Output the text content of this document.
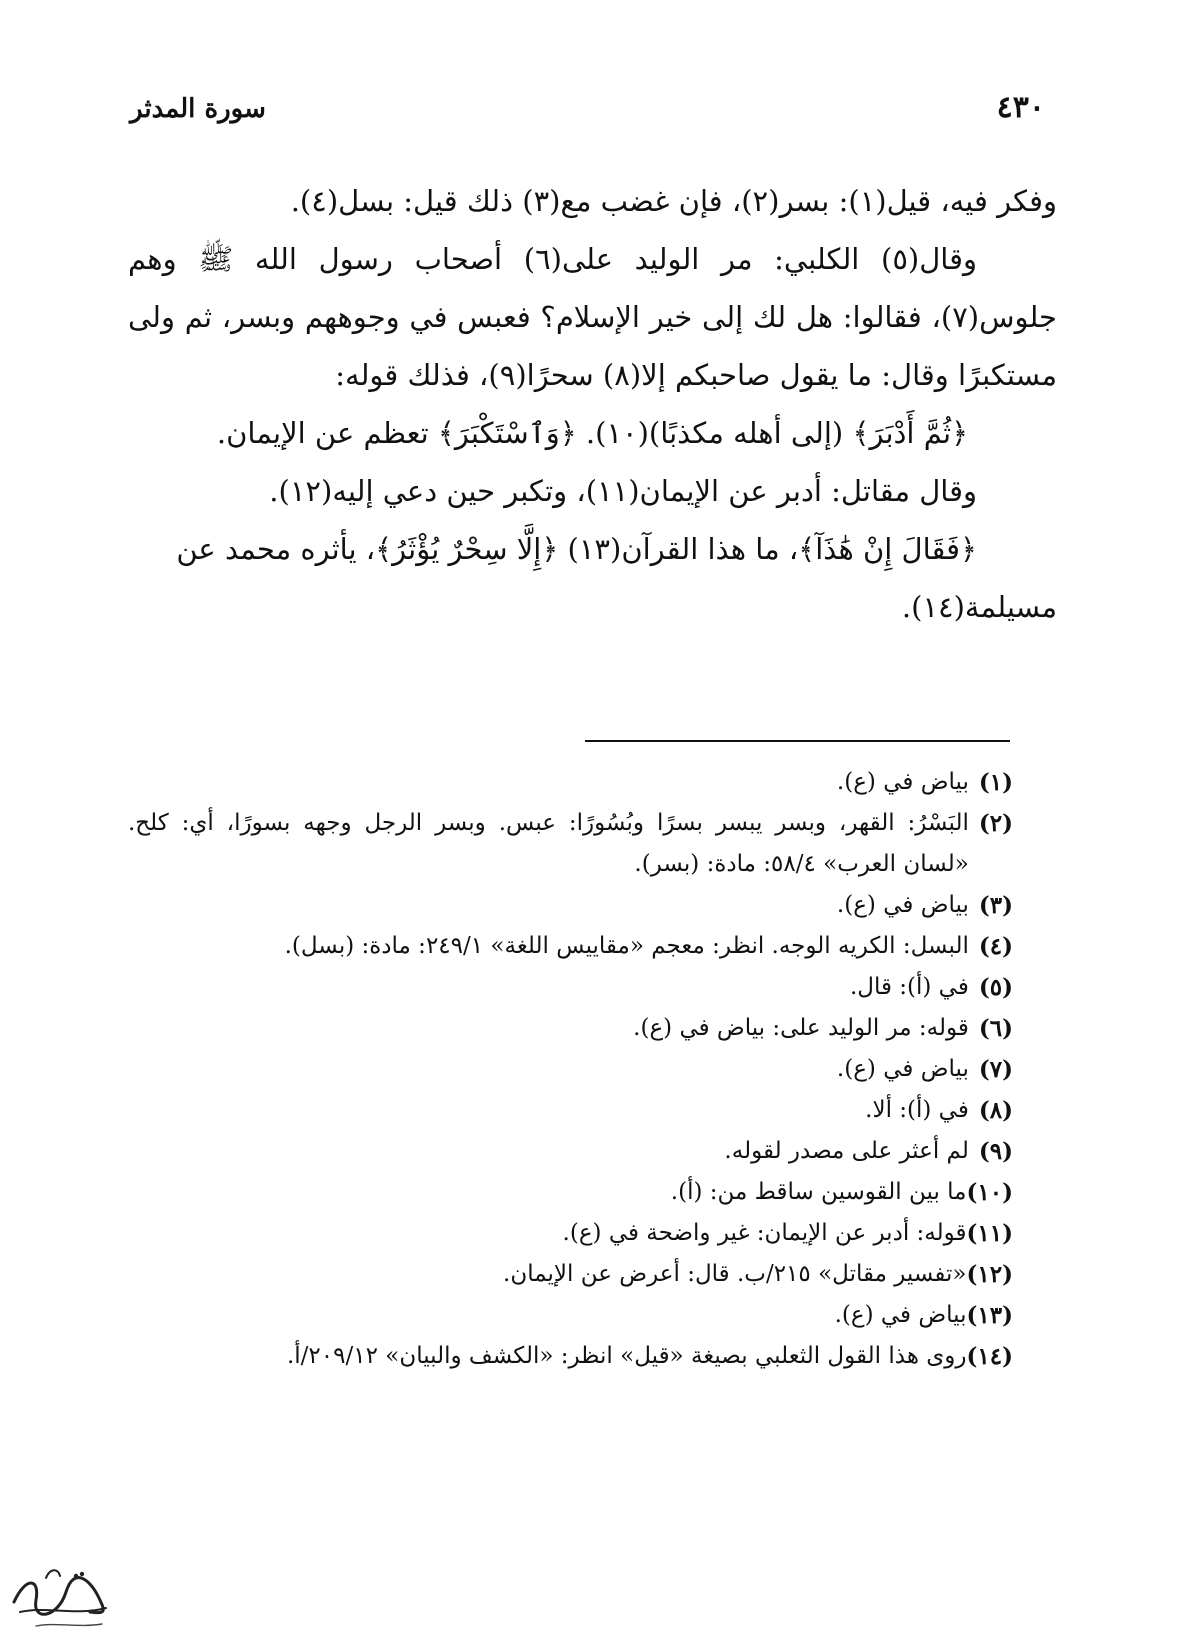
٤٣٠
سورة المدثر

وفكر فيه، قيل(١): بسر(٢)، فإن غضب مع(٣) ذلك قيل: بسل(٤).

وقال(٥) الكلبي: مر الوليد على(٦) أصحاب رسول الله ﷺ وهم جلوس(٧)، فقالوا: هل لك إلى خير الإسلام؟ فعبس في وجوههم وبسر، ثم ولى مستكبرًا وقال: ما يقول صاحبكم إلا(٨) سحرًا(٩)، فذلك قوله:

﴿ثُمَّ أَدْبَرَ﴾ (إلى أهله مكذبًا)(١٠). ﴿وَٱسْتَكْبَرَ﴾ تعظم عن الإيمان.

وقال مقاتل: أدبر عن الإيمان(١١)، وتكبر حين دعي إليه(١٢).

﴿فَقَالَ إِنْ هَٰذَآ﴾، ما هذا القرآن(١٣) ﴿إِلَّا سِحْرٌ يُؤْثَرُ﴾، يأثره محمد عن مسيلمة(١٤).

(١)
بياض في (ع).
(٢)
البَسْرُ: القهر، وبسر يبسر بسرًا وبُسُورًا: عبس. وبسر الرجل وجهه بسورًا، أي: كلح. «لسان العرب» ٥٨/٤: مادة: (بسر).
(٣)
بياض في (ع).
(٤)
البسل: الكريه الوجه. انظر: معجم «مقاييس اللغة» ٢٤٩/١: مادة: (بسل).
(٥)
في (أ): قال.
(٦)
قوله: مر الوليد على: بياض في (ع).
(٧)
بياض في (ع).
(٨)
في (أ): ألا.
(٩)
لم أعثر على مصدر لقوله.
(١٠)
ما بين القوسين ساقط من: (أ).
(١١)
قوله: أدبر عن الإيمان: غير واضحة في (ع).
(١٢)
«تفسير مقاتل» ٢١٥/ب. قال: أعرض عن الإيمان.
(١٣)
بياض في (ع).
(١٤)
روى هذا القول الثعلبي بصيغة «قيل» انظر: «الكشف والبيان» ٢٠٩/١٢/أ.
